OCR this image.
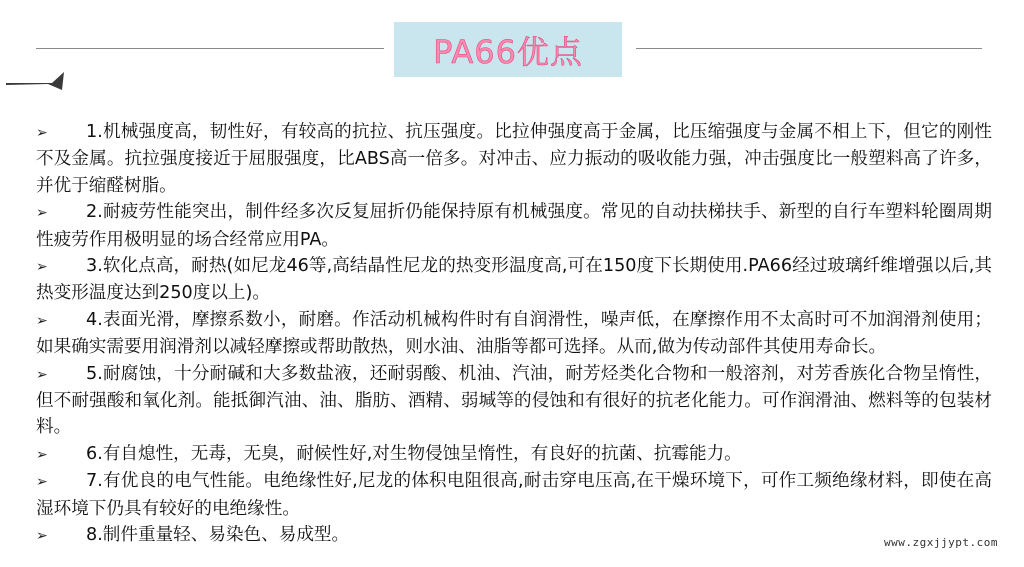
PA66优点

➢ 1.机械强度高，韧性好，有较高的抗拉、抗压强度。比拉伸强度高于金属，比压缩强度与金属不相上下，但它的刚性不及金属。抗拉强度接近于屈服强度，比ABS高一倍多。对冲击、应力振动的吸收能力强，冲击强度比一般塑料高了许多，并优于缩醛树脂。

➢ 2.耐疲劳性能突出，制件经多次反复屈折仍能保持原有机械强度。常见的自动扶梯扶手、新型的自行车塑料轮圈周期性疲劳作用极明显的场合经常应用PA。

➢ 3.软化点高，耐热(如尼龙46等,高结晶性尼龙的热变形温度高,可在150度下长期使用.PA66经过玻璃纤维增强以后,其热变形温度达到250度以上)。

➢ 4.表面光滑，摩擦系数小，耐磨。作活动机械构件时有自润滑性，噪声低，在摩擦作用不太高时可不加润滑剂使用；如果确实需要用润滑剂以减轻摩擦或帮助散热，则水油、油脂等都可选择。从而,做为传动部件其使用寿命长。

➢ 5.耐腐蚀，十分耐碱和大多数盐液，还耐弱酸、机油、汽油，耐芳烃类化合物和一般溶剂，对芳香族化合物呈惰性，但不耐强酸和氧化剂。能抵御汽油、油、脂肪、酒精、弱堿等的侵蚀和有很好的抗老化能力。可作润滑油、燃料等的包装材料。

➢ 6.有自熄性，无毒，无臭，耐候性好,对生物侵蚀呈惰性，有良好的抗菌、抗霉能力。

➢ 7.有优良的电气性能。电绝缘性好,尼龙的体积电阻很高,耐击穿电压高,在干燥环境下，可作工频绝缘材料，即使在高湿环境下仍具有较好的电绝缘性。

➢ 8.制件重量轻、易染色、易成型。	www.zgxjjypt.com
